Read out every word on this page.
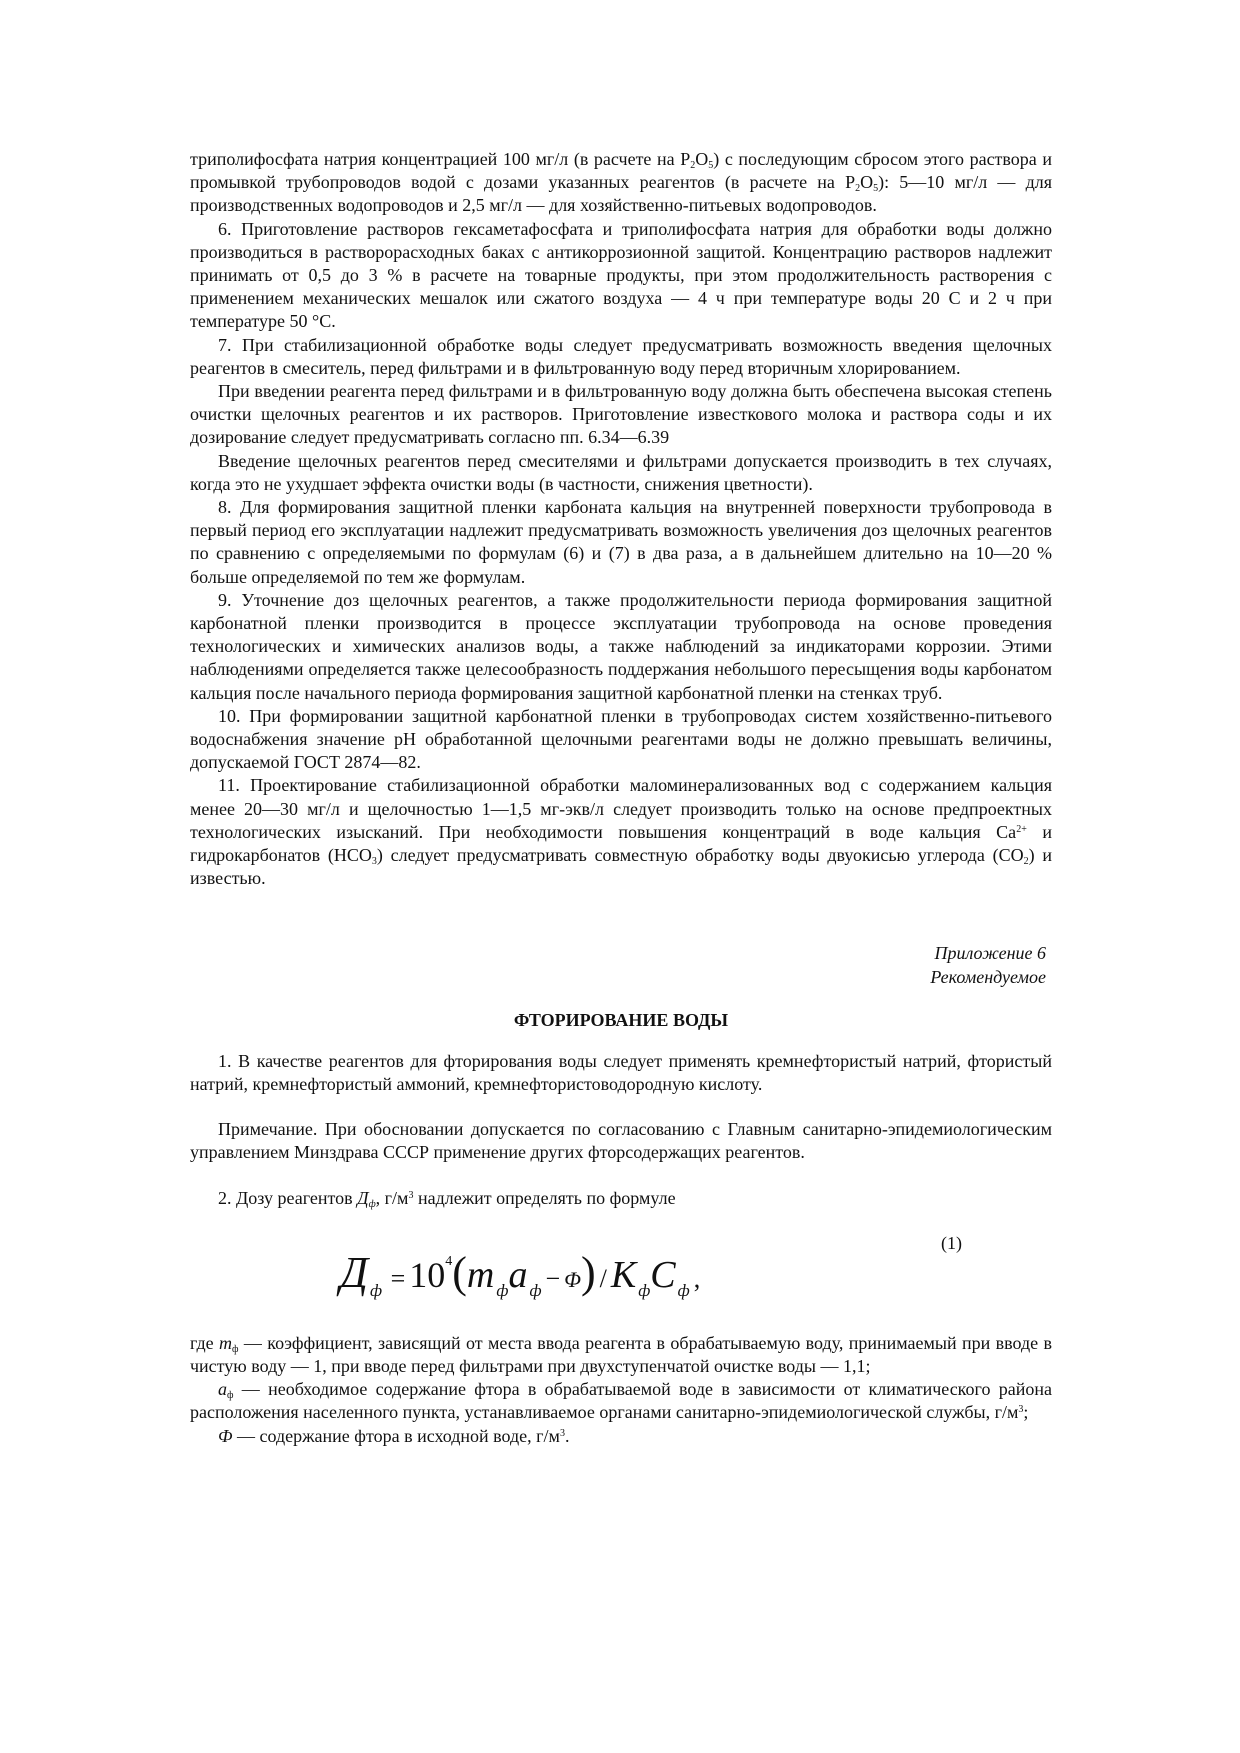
триполифосфата натрия концентрацией 100 мг/л (в расчете на $Р_2О_5$) с последующим сбросом этого раствора и промывкой трубопроводов водой с дозами указанных реагентов (в расчете на $Р_2О_5$): 5—10 мг/л — для производственных водопроводов и 2,5 мг/л — для хозяйственно-питьевых водопроводов.

6. Приготовление растворов гексаметафосфата и триполифосфата натрия для обработки воды должно производиться в растворорасходных баках с антикоррозионной защитой. Концентрацию растворов надлежит принимать от 0,5 до 3 % в расчете на товарные продукты, при этом продолжительность растворения с применением механических мешалок или сжатого воздуха — 4 ч при температуре воды 20 С и 2 ч при температуре 50 °С.

7. При стабилизационной обработке воды следует предусматривать возможность введения щелочных реагентов в смеситель, перед фильтрами и в фильтрованную воду перед вторичным хлорированием.

При введении реагента перед фильтрами и в фильтрованную воду должна быть обеспечена высокая степень очистки щелочных реагентов и их растворов. Приготовление известкового молока и раствора соды и их дозирование следует предусматривать согласно пп. 6.34—6.39

Введение щелочных реагентов перед смесителями и фильтрами допускается производить в тех случаях, когда это не ухудшает эффекта очистки воды (в частности, снижения цветности).

8. Для формирования защитной пленки карбоната кальция на внутренней поверхности трубопровода в первый период его эксплуатации надлежит предусматривать возможность увеличения доз щелочных реагентов по сравнению с определяемыми по формулам (6) и (7) в два раза, а в дальнейшем длительно на 10—20 % больше определяемой по тем же формулам.

9. Уточнение доз щелочных реагентов, а также продолжительности периода формирования защитной карбонатной пленки производится в процессе эксплуатации трубопровода на основе проведения технологических и химических анализов воды, а также наблюдений за индикаторами коррозии. Этими наблюдениями определяется также целесообразность поддержания небольшого пересыщения воды карбонатом кальция после начального периода формирования защитной карбонатной пленки на стенках труб.

10. При формировании защитной карбонатной пленки в трубопроводах систем хозяйственно-питьевого водоснабжения значение рН обработанной щелочными реагентами воды не должно превышать величины, допускаемой ГОСТ 2874—82.

11. Проектирование стабилизационной обработки маломинерализованных вод с содержанием кальция менее 20—30 мг/л и щелочностью 1—1,5 мг-экв/л следует производить только на основе предпроектных технологических изысканий. При необходимости повышения концентраций в воде кальция $Са^{2+}$ и гидрокарбонатов $(НСО_3)$ следует предусматривать совместную обработку воды двуокисью углерода $(СО_2)$ и известью.

Приложение 6
Рекомендуемое

ФТОРИРОВАНИЕ ВОДЫ

1. В качестве реагентов для фторирования воды следует применять кремнефтористый натрий, фтористый натрий, кремнефтористый аммоний, кремнефтористоводородную кислоту.

Примечание. При обосновании допускается по согласованию с Главным санитарно-эпидемиологическим управлением Минздрава СССР применение других фторсодержащих реагентов.

2. Дозу реагентов $Д_ф$, $г/м^3$ надлежит определять по формуле

(1)
Дф = $10^4(m$ фa ф − Φ) / K фC ф ,

где $m_ф$ — коэффициент, зависящий от места ввода реагента в обрабатываемую воду, принимаемый при вводе в чистую воду — 1, при вводе перед фильтрами при двухступенчатой очистке воды — 1,1;

$a_ф$ — необходимое содержание фтора в обрабатываемой воде в зависимости от климатического района расположения населенного пункта, устанавливаемое органами санитарно-эпидемиологической службы, $г/м^3$;

Ф — содержание фтора в исходной воде, $г/м^3$.
